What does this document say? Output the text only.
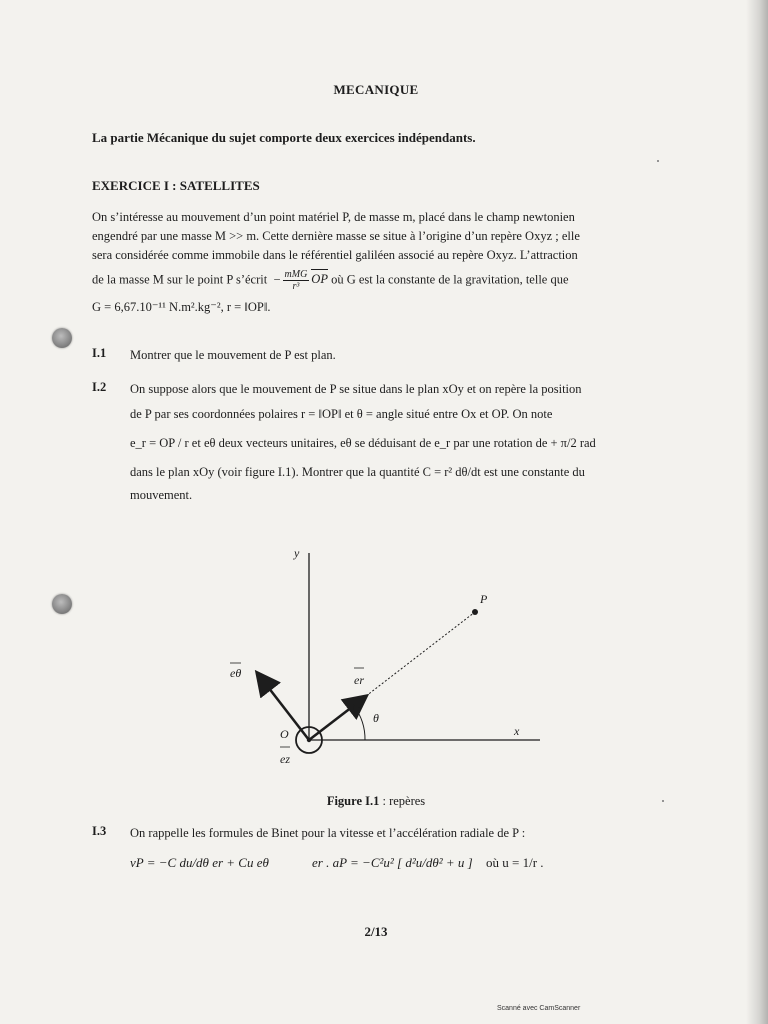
MECANIQUE
La partie Mécanique du sujet comporte deux exercices indépendants.
EXERCICE I : SATELLITES

On s’intéresse au mouvement d’un point matériel P, de masse m, placé dans le champ newtonien

engendré par une masse M >> m. Cette dernière masse se situe à l’origine d’un repère Oxyz ; elle

sera considérée comme immobile dans le référentiel galiléen associé au repère Oxyz. L’attraction

de la masse M sur le point P s’écrit  − $\frac{\text{mMG}}{\text{r³}}$ OP où G est la constante de la gravitation, telle que

G = 6,67.10⁻¹¹ N.m².kg⁻², r = ‖OP‖.

I.1 Montrer que le mouvement de P est plan.
I.2 On suppose alors que le mouvement de P se situe dans le plan xOy et on repère la position
de P par ses coordonnées polaires r = ‖OP‖ et θ = angle situé entre Ox et OP. On note
e_r = OP / r et eθ deux vecteurs unitaires, eθ se déduisant de e_r par une rotation de + π/2 rad
dans le plan xOy (voir figure I.1). Montrer que la quantité C = r² dθ/dt est une constante du
mouvement.
y
x
P
O
θ
eθ	er
ez
Figure I.1 : repères
I.3 On rappelle les formules de Binet pour la vitesse et l’accélération radiale de P :
vP = −C du/dθ er + Cu eθ	er . aP = −C²u² [ d²u/dθ² + u ] où u = 1/r .
2/13
Scanné avec CamScanner
